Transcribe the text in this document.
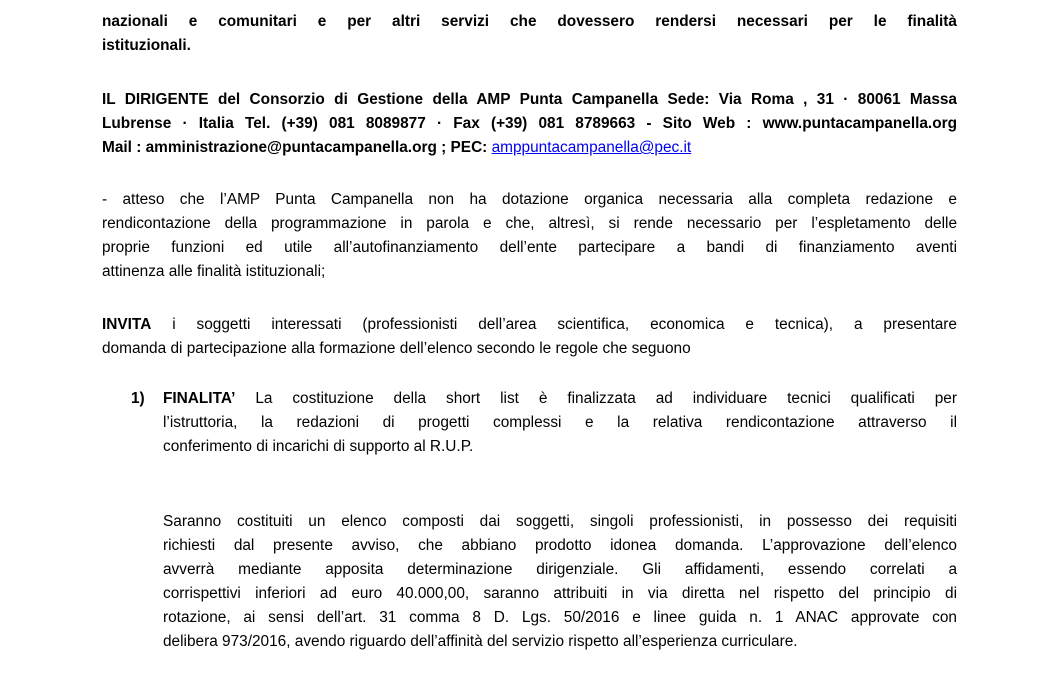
nazionali e comunitari e per altri servizi che dovessero rendersi necessari per le finalità
istituzionali.
IL DIRIGENTE del Consorzio di Gestione della AMP Punta Campanella Sede: Via Roma , 31 · 80061 Massa
Lubrense · Italia Tel. (+39) 081 8089877 · Fax (+39) 081 8789663 - Sito Web : www.puntacampanella.org
Mail : amministrazione@puntacampanella.org ; PEC: amppuntacampanella@pec.it
- atteso che l’AMP Punta Campanella non ha dotazione organica necessaria alla completa redazione e
rendicontazione della programmazione in parola e che, altresì, si rende necessario per l’espletamento delle
proprie funzioni ed utile all’autofinanziamento dell’ente partecipare a bandi di finanziamento aventi
attinenza alle finalità istituzionali;
INVITA i soggetti interessati (professionisti dell’area scientifica, economica e tecnica), a presentare
domanda di partecipazione alla formazione dell’elenco secondo le regole che seguono
1) FINALITA’ La costituzione della short list è finalizzata ad individuare tecnici qualificati per
l’istruttoria, la redazioni di progetti complessi e la relativa rendicontazione attraverso il
conferimento di incarichi di supporto al R.U.P.
Saranno costituiti un elenco composti dai soggetti, singoli professionisti, in possesso dei requisiti
richiesti dal presente avviso, che abbiano prodotto idonea domanda. L’approvazione dell’elenco
avverrà mediante apposita determinazione dirigenziale. Gli affidamenti, essendo correlati a
corrispettivi inferiori ad euro 40.000,00, saranno attribuiti in via diretta nel rispetto del principio di
rotazione, ai sensi dell’art. 31 comma 8 D. Lgs. 50/2016 e linee guida n. 1 ANAC approvate con
delibera 973/2016, avendo riguardo dell’affinità del servizio rispetto all’esperienza curriculare.
